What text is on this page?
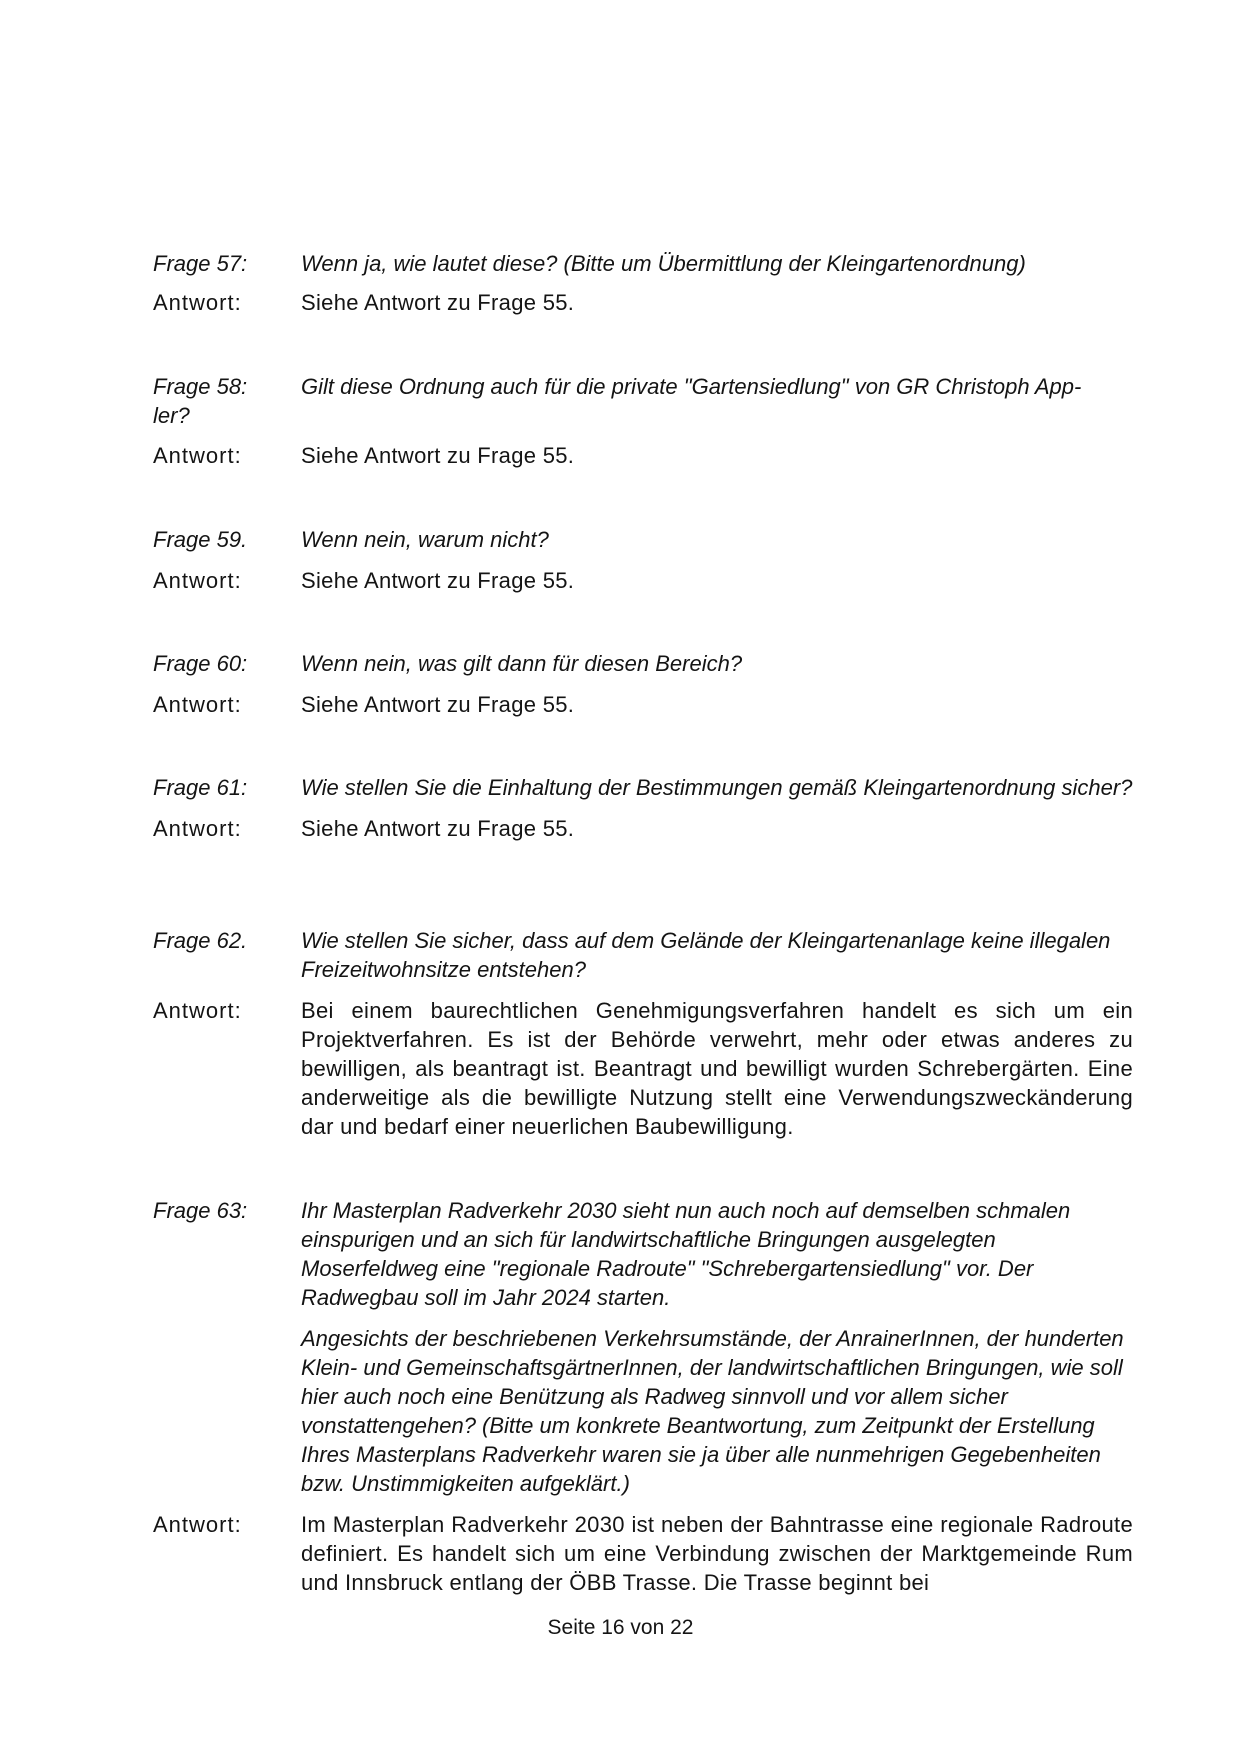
Frage 57:	Wenn ja, wie lautet diese? (Bitte um Übermittlung der Kleingartenordnung)
Antwort:	Siehe Antwort zu Frage 55.
Frage 58:	Gilt diese Ordnung auch für die private "Gartensiedlung" von GR Christoph App-
ler?
Antwort:	Siehe Antwort zu Frage 55.
Frage 59.	Wenn nein, warum nicht?
Antwort:	Siehe Antwort zu Frage 55.
Frage 60:	Wenn nein, was gilt dann für diesen Bereich?
Antwort:	Siehe Antwort zu Frage 55.
Frage 61:	Wie stellen Sie die Einhaltung der Bestimmungen gemäß Kleingartenordnung sicher?
Antwort:	Siehe Antwort zu Frage 55.
Frage 62.	Wie stellen Sie sicher, dass auf dem Gelände der Kleingartenanlage keine illegalen Freizeitwohnsitze entstehen?
Antwort:	Bei einem baurechtlichen Genehmigungsverfahren handelt es sich um ein Projektverfahren. Es ist der Behörde verwehrt, mehr oder etwas anderes zu bewilligen, als beantragt ist. Beantragt und bewilligt wurden Schrebergärten. Eine anderweitige als die bewilligte Nutzung stellt eine Verwendungszweckänderung dar und bedarf einer neuerlichen Baubewilligung.
Frage 63:	Ihr Masterplan Radverkehr 2030 sieht nun auch noch auf demselben schmalen einspurigen und an sich für landwirtschaftliche Bringungen ausgelegten Moserfeldweg eine "regionale Radroute" "Schrebergartensiedlung" vor. Der Radwegbau soll im Jahr 2024 starten.

Angesichts der beschriebenen Verkehrsumstände, der AnrainerInnen, der hunderten Klein- und GemeinschaftsgärtnerInnen, der landwirtschaftlichen Bringungen, wie soll hier auch noch eine Benützung als Radweg sinnvoll und vor allem sicher vonstattengehen? (Bitte um konkrete Beantwortung, zum Zeitpunkt der Erstellung Ihres Masterplans Radverkehr waren sie ja über alle nunmehrigen Gegebenheiten bzw. Unstimmigkeiten aufgeklärt.)

Antwort:	Im Masterplan Radverkehr 2030 ist neben der Bahntrasse eine regionale Radroute definiert. Es handelt sich um eine Verbindung zwischen der Marktgemeinde Rum und Innsbruck entlang der ÖBB Trasse. Die Trasse beginnt bei
Seite 16 von 22
